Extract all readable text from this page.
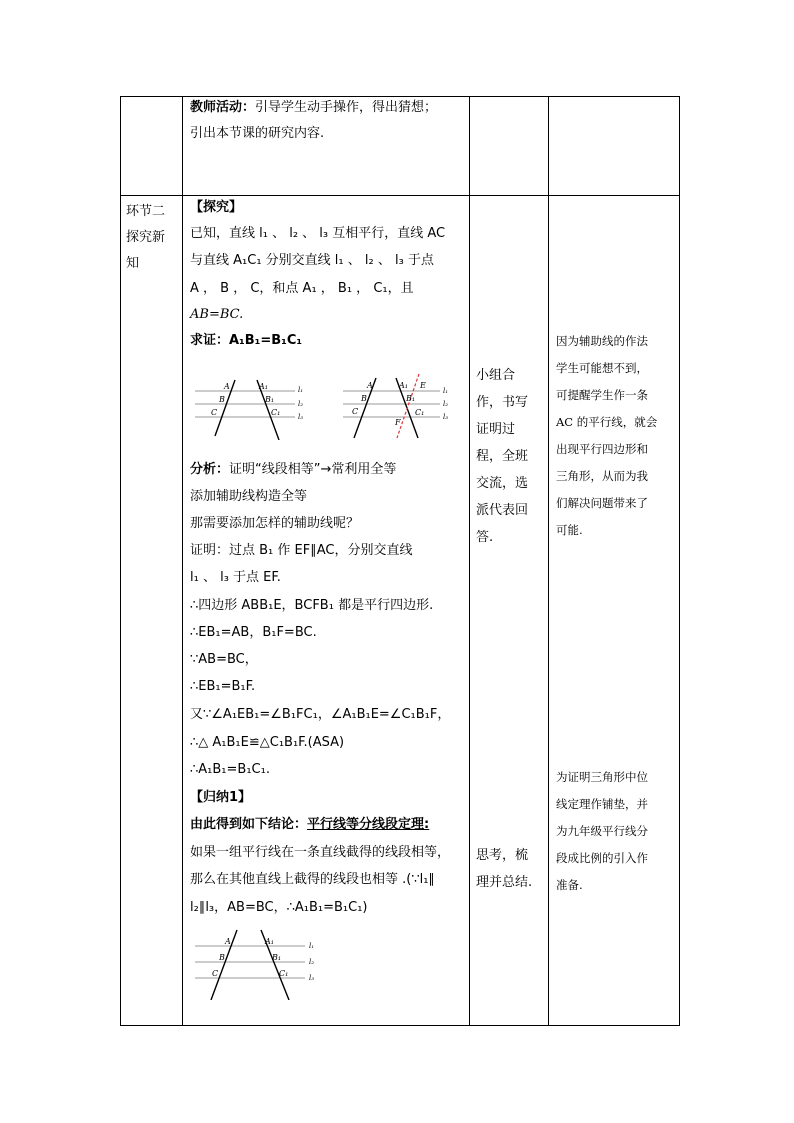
教师活动：引导学生动手操作，得出猜想；
引出本节课的研究内容.
环节二
探究新
知
【探究】
已知，直线 l₁ 、 l₂ 、 l₃ 互相平行，直线 AC
与直线 A₁C₁ 分别交直线 l₁ 、 l₂ 、 l₃ 于点
A ， B ， C，和点 A₁ ， B₁ ， C₁，且
AB=BC.
求证：A₁B₁=B₁C₁
A
B
C
A₁
B₁
C₁
l₁
l₂
l₃
A
B
C
A₁
B₁
C₁
E
F
l₁
l₂
l₃
分析：证明“线段相等”→常利用全等
添加辅助线构造全等
那需要添加怎样的辅助线呢？
证明：过点 B₁ 作 EF∥AC，分别交直线
l₁ 、 l₃ 于点 EF.
∴四边形 ABB₁E，BCFB₁ 都是平行四边形.
∴EB₁=AB，B₁F=BC.
∵AB=BC，
∴EB₁=B₁F.
又∵∠A₁EB₁=∠B₁FC₁，∠A₁B₁E=∠C₁B₁F，
∴△ A₁B₁E≌△C₁B₁F.(ASA)
∴A₁B₁=B₁C₁.
【归纳1】
由此得到如下结论：平行线等分线段定理:
如果一组平行线在一条直线截得的线段相等，
那么在其他直线上截得的线段也相等 .(∵l₁∥
l₂∥l₃，AB=BC，∴A₁B₁=B₁C₁)
A
B
C
A₁
B₁
C₁
l₁
l₂
l₃
小组合
作，书写
证明过
程，全班
交流，选
派代表回
答.
思考，梳
理并总结.
因为辅助线的作法
学生可能想不到，
可提醒学生作一条
AC 的平行线，就会
出现平行四边形和
三角形，从而为我
们解决问题带来了
可能.
为证明三角形中位
线定理作铺垫，并
为九年级平行线分
段成比例的引入作
准备.
